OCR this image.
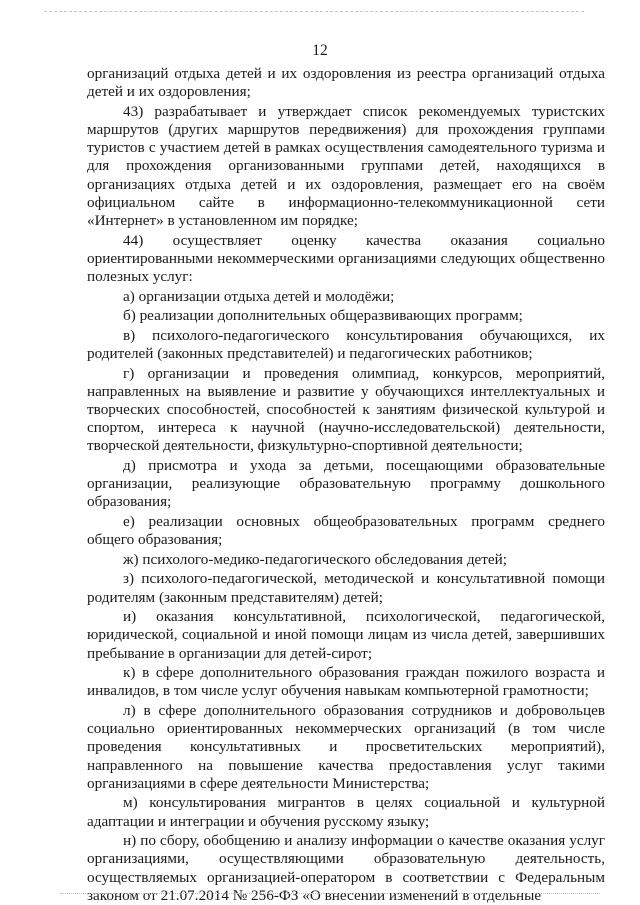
12

организаций отдыха детей и их оздоровления из реестра организаций отдыха детей и их оздоровления;

43) разрабатывает и утверждает список рекомендуемых туристских маршрутов (других маршрутов передвижения) для прохождения группами туристов с участием детей в рамках осуществления самодеятельного туризма и для прохождения организованными группами детей, находящихся в организациях отдыха детей и их оздоровления, размещает его на своём официальном сайте в информационно-телекоммуникационной сети «Интернет» в установленном им порядке;

44) осуществляет оценку качества оказания социально ориентированными некоммерческими организациями следующих общественно полезных услуг:

а) организации отдыха детей и молодёжи;

б) реализации дополнительных общеразвивающих программ;

в) психолого-педагогического консультирования обучающихся, их родителей (законных представителей) и педагогических работников;

г) организации и проведения олимпиад, конкурсов, мероприятий, направленных на выявление и развитие у обучающихся интеллектуальных и творческих способностей, способностей к занятиям физической культурой и спортом, интереса к научной (научно-исследовательской) деятельности, творческой деятельности, физкультурно-спортивной деятельности;

д) присмотра и ухода за детьми, посещающими образовательные организации, реализующие образовательную программу дошкольного образования;

е) реализации основных общеобразовательных программ среднего общего образования;

ж) психолого-медико-педагогического обследования детей;

з) психолого-педагогической, методической и консультативной помощи родителям (законным представителям) детей;

и) оказания консультативной, психологической, педагогической, юридической, социальной и иной помощи лицам из числа детей, завершивших пребывание в организации для детей-сирот;

к) в сфере дополнительного образования граждан пожилого возраста и инвалидов, в том числе услуг обучения навыкам компьютерной грамотности;

л) в сфере дополнительного образования сотрудников и добровольцев социально ориентированных некоммерческих организаций (в том числе проведения консультативных и просветительских мероприятий), направленного на повышение качества предоставления услуг такими организациями в сфере деятельности Министерства;

м) консультирования мигрантов в целях социальной и культурной адаптации и интеграции и обучения русскому языку;

н) по сбору, обобщению и анализу информации о качестве оказания услуг организациями, осуществляющими образовательную деятельность, осуществляемых организацией-оператором в соответствии с Федеральным законом от 21.07.2014 № 256-ФЗ «О внесении изменений в отдельные
